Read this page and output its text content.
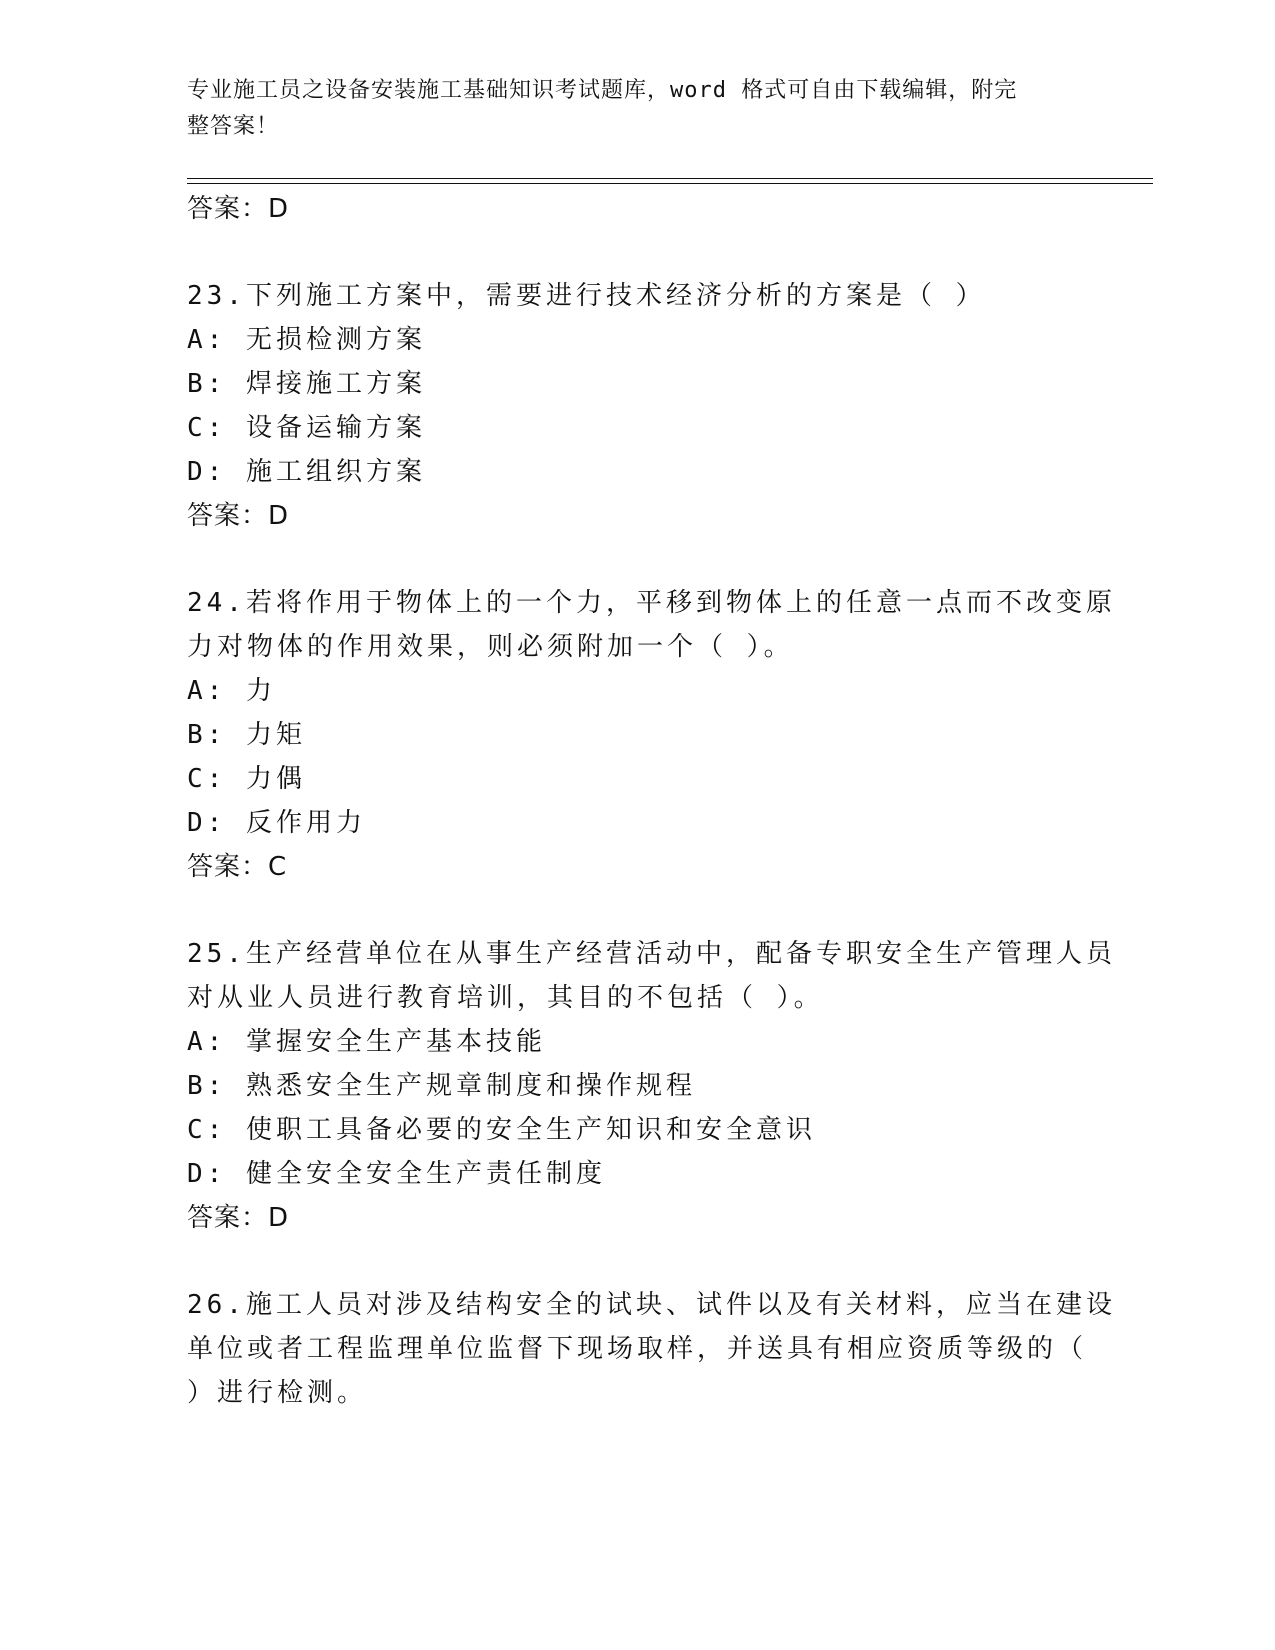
专业施工员之设备安装施工基础知识考试题库，word 格式可自由下载编辑，附完
整答案！
答案：D
23.下列施工方案中，需要进行技术经济分析的方案是（ ）
A: 无损检测方案
B: 焊接施工方案
C: 设备运输方案
D: 施工组织方案
答案：D
24.若将作用于物体上的一个力，平移到物体上的任意一点而不改变原
力对物体的作用效果，则必须附加一个（ ）。
A: 力
B: 力矩
C: 力偶
D: 反作用力
答案：C
25.生产经营单位在从事生产经营活动中，配备专职安全生产管理人员
对从业人员进行教育培训，其目的不包括（ ）。
A: 掌握安全生产基本技能
B: 熟悉安全生产规章制度和操作规程
C: 使职工具备必要的安全生产知识和安全意识
D: 健全安全安全生产责任制度
答案：D
26.施工人员对涉及结构安全的试块、试件以及有关材料，应当在建设
单位或者工程监理单位监督下现场取样，并送具有相应资质等级的（
）进行检测。
